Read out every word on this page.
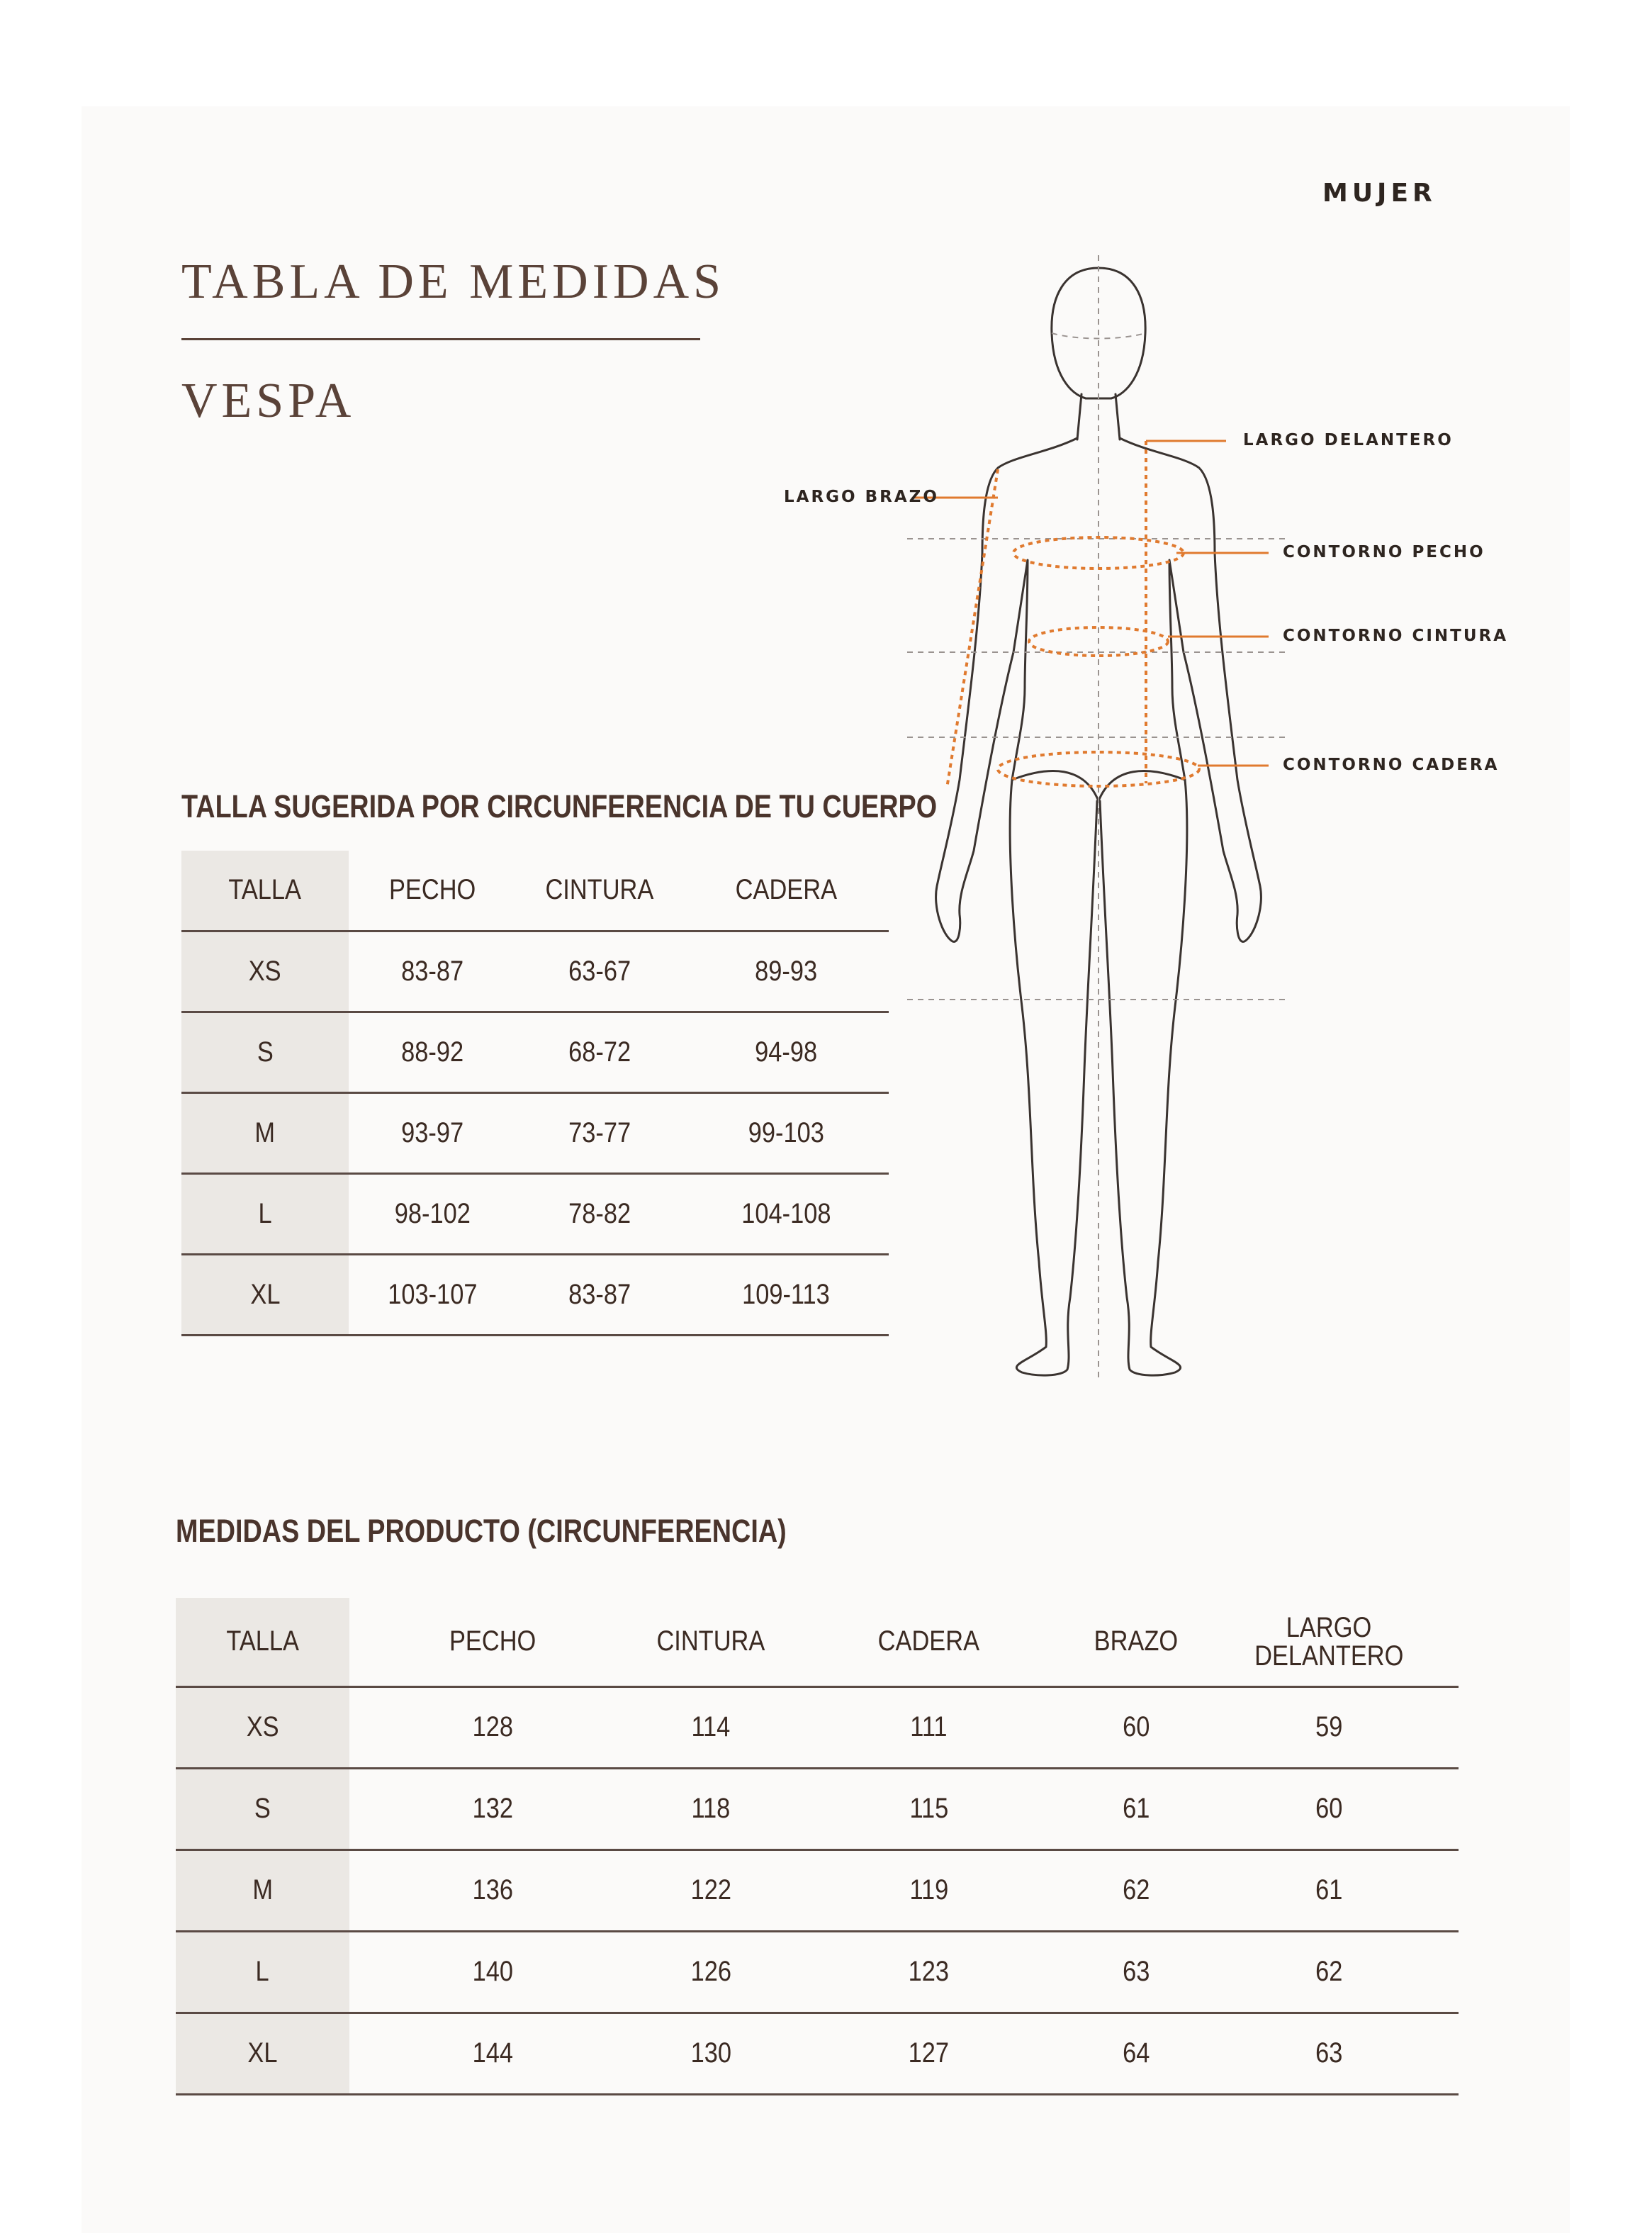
MUJER
TABLA DE MEDIDAS
VESPA
LARGO DELANTERO
LARGO BRAZO
CONTORNO PECHO
CONTORNO CINTURA
CONTORNO CADERA
TALLA SUGERIDA POR CIRCUNFERENCIA DE TU CUERPO
TALLA	PECHO	CINTURA	CADERA
XS	83-87	63-67	89-93
S	88-92	68-72	94-98
M	93-97	73-77	99-103
L	98-102	78-82	104-108
XL	103-107	83-87	109-113
MEDIDAS DEL PRODUCTO (CIRCUNFERENCIA)
TALLA	PECHO	CINTURA	CADERA	BRAZO	LARGO
DELANTERO

XS	128	114	111	60	59
S	132	118	115	61	60
M	136	122	119	62	61
L	140	126	123	63	62
XL	144	130	127	64	63
